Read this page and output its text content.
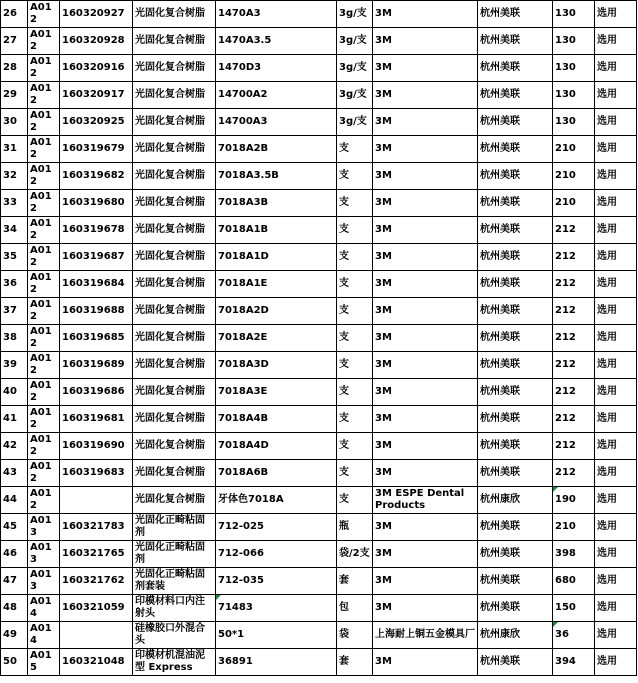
26	A012	160320927	光固化复合树脂	1470A3	3g/支	3M	杭州美联	130	选用
27	A012	160320928	光固化复合树脂	1470A3.5	3g/支	3M	杭州美联	130	选用
28	A012	160320916	光固化复合树脂	1470D3	3g/支	3M	杭州美联	130	选用
29	A012	160320917	光固化复合树脂	14700A2	3g/支	3M	杭州美联	130	选用
30	A012	160320925	光固化复合树脂	14700A3	3g/支	3M	杭州美联	130	选用
31	A012	160319679	光固化复合树脂	7018A2B	支	3M	杭州美联	210	选用
32	A012	160319682	光固化复合树脂	7018A3.5B	支	3M	杭州美联	210	选用
33	A012	160319680	光固化复合树脂	7018A3B	支	3M	杭州美联	210	选用
34	A012	160319678	光固化复合树脂	7018A1B	支	3M	杭州美联	212	选用
35	A012	160319687	光固化复合树脂	7018A1D	支	3M	杭州美联	212	选用
36	A012	160319684	光固化复合树脂	7018A1E	支	3M	杭州美联	212	选用
37	A012	160319688	光固化复合树脂	7018A2D	支	3M	杭州美联	212	选用
38	A012	160319685	光固化复合树脂	7018A2E	支	3M	杭州美联	212	选用
39	A012	160319689	光固化复合树脂	7018A3D	支	3M	杭州美联	212	选用
40	A012	160319686	光固化复合树脂	7018A3E	支	3M	杭州美联	212	选用
41	A012	160319681	光固化复合树脂	7018A4B	支	3M	杭州美联	212	选用
42	A012	160319690	光固化复合树脂	7018A4D	支	3M	杭州美联	212	选用
43	A012	160319683	光固化复合树脂	7018A6B	支	3M	杭州美联	212	选用
44	A012		光固化复合树脂	牙体色7018A	支	3M ESPE Dental Products	杭州康欣	190	选用
45	A013	160321783	光固化正畸粘固剂	712-025	瓶	3M	杭州美联	210	选用
46	A013	160321765	光固化正畸粘固剂	712-066	袋/2支	3M	杭州美联	398	选用
47	A013	160321762	光固化正畸粘固剂套装	712-035	套	3M	杭州美联	680	选用
48	A014	160321059	印模材料口内注射头	71483	包	3M	杭州美联	150	选用
49	A014		硅橡胶口外混合头	50*1	袋	上海耐上铜五金模具厂	杭州康欣	36	选用
50	A015	160321048	印模材机混油泥型 Express	36891	套	3M	杭州美联	394	选用
